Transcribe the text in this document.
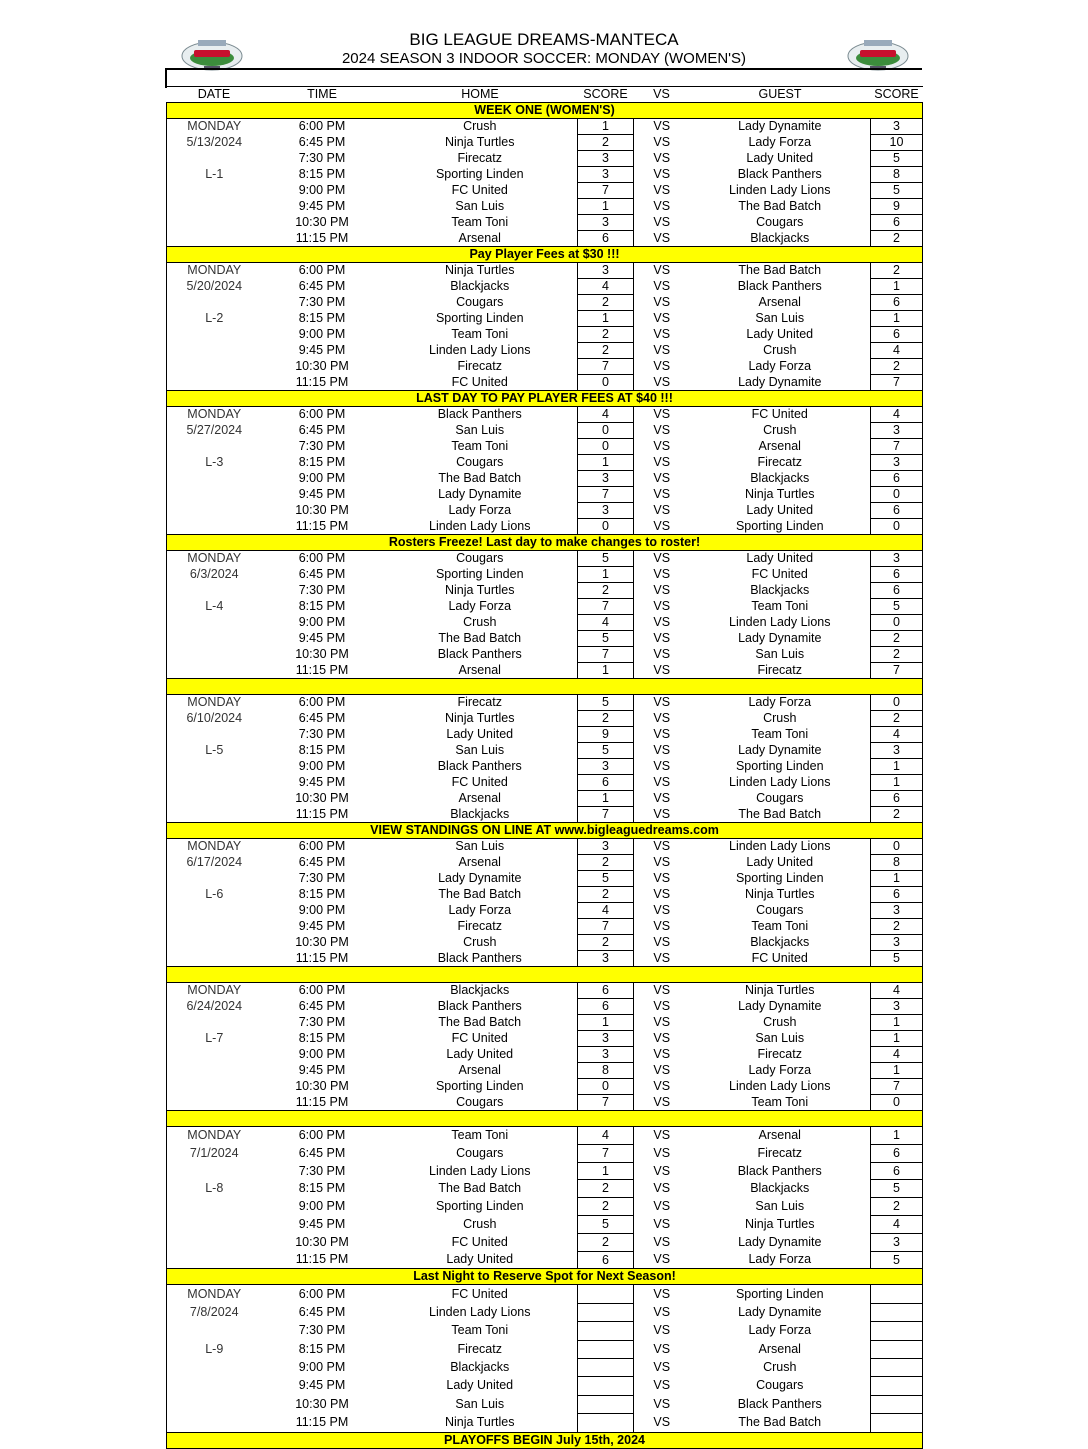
BIG LEAGUE DREAMS-MANTECA
2024 SEASON 3 INDOOR SOCCER: MONDAY (WOMEN'S)
DATE	TIME	HOME	SCORE	VS	GUEST	SCORE
WEEK ONE (WOMEN'S)						
MONDAY	6:00 PM	Crush	1	VS	Lady Dynamite	3
5/13/2024	6:45 PM	Ninja Turtles	2	VS	Lady Forza	10
	7:30 PM	Firecatz	3	VS	Lady United	5
L-1	8:15 PM	Sporting Linden	3	VS	Black Panthers	8
	9:00 PM	FC United	7	VS	Linden Lady Lions	5
	9:45 PM	San Luis	1	VS	The Bad Batch	9
	10:30 PM	Team Toni	3	VS	Cougars	6
	11:15 PM	Arsenal	6	VS	Blackjacks	2
Pay Player Fees at $30 !!!						
MONDAY	6:00 PM	Ninja Turtles	3	VS	The Bad Batch	2
5/20/2024	6:45 PM	Blackjacks	4	VS	Black Panthers	1
	7:30 PM	Cougars	2	VS	Arsenal	6
L-2	8:15 PM	Sporting Linden	1	VS	San Luis	1
	9:00 PM	Team Toni	2	VS	Lady United	6
	9:45 PM	Linden Lady Lions	2	VS	Crush	4
	10:30 PM	Firecatz	7	VS	Lady Forza	2
	11:15 PM	FC United	0	VS	Lady Dynamite	7
LAST DAY TO PAY PLAYER FEES AT $40 !!!						
MONDAY	6:00 PM	Black Panthers	4	VS	FC United	4
5/27/2024	6:45 PM	San Luis	0	VS	Crush	3
	7:30 PM	Team Toni	0	VS	Arsenal	7
L-3	8:15 PM	Cougars	1	VS	Firecatz	3
	9:00 PM	The Bad Batch	3	VS	Blackjacks	6
	9:45 PM	Lady Dynamite	7	VS	Ninja Turtles	0
	10:30 PM	Lady Forza	3	VS	Lady United	6
	11:15 PM	Linden Lady Lions	0	VS	Sporting Linden	0
Rosters Freeze! Last day to make changes to roster!						
MONDAY	6:00 PM	Cougars	5	VS	Lady United	3
6/3/2024	6:45 PM	Sporting Linden	1	VS	FC United	6
	7:30 PM	Ninja Turtles	2	VS	Blackjacks	6
L-4	8:15 PM	Lady Forza	7	VS	Team Toni	5
	9:00 PM	Crush	4	VS	Linden Lady Lions	0
	9:45 PM	The Bad Batch	5	VS	Lady Dynamite	2
	10:30 PM	Black Panthers	7	VS	San Luis	2
	11:15 PM	Arsenal	1	VS	Firecatz	7

MONDAY	6:00 PM	Firecatz	5	VS	Lady Forza	0
6/10/2024	6:45 PM	Ninja Turtles	2	VS	Crush	2
	7:30 PM	Lady United	9	VS	Team Toni	4
L-5	8:15 PM	San Luis	5	VS	Lady Dynamite	3
	9:00 PM	Black Panthers	3	VS	Sporting Linden	1
	9:45 PM	FC United	6	VS	Linden Lady Lions	1
	10:30 PM	Arsenal	1	VS	Cougars	6
	11:15 PM	Blackjacks	7	VS	The Bad Batch	2
VIEW STANDINGS ON LINE AT www.bigleaguedreams.com						
MONDAY	6:00 PM	San Luis	3	VS	Linden Lady Lions	0
6/17/2024	6:45 PM	Arsenal	2	VS	Lady United	8
	7:30 PM	Lady Dynamite	5	VS	Sporting Linden	1
L-6	8:15 PM	The Bad Batch	2	VS	Ninja Turtles	6
	9:00 PM	Lady Forza	4	VS	Cougars	3
	9:45 PM	Firecatz	7	VS	Team Toni	2
	10:30 PM	Crush	2	VS	Blackjacks	3
	11:15 PM	Black Panthers	3	VS	FC United	5

MONDAY	6:00 PM	Blackjacks	6	VS	Ninja Turtles	4
6/24/2024	6:45 PM	Black Panthers	6	VS	Lady Dynamite	3
	7:30 PM	The Bad Batch	1	VS	Crush	1
L-7	8:15 PM	FC United	3	VS	San Luis	1
	9:00 PM	Lady United	3	VS	Firecatz	4
	9:45 PM	Arsenal	8	VS	Lady Forza	1
	10:30 PM	Sporting Linden	0	VS	Linden Lady Lions	7
	11:15 PM	Cougars	7	VS	Team Toni	0

MONDAY	6:00 PM	Team Toni	4	VS	Arsenal	1
7/1/2024	6:45 PM	Cougars	7	VS	Firecatz	6
	7:30 PM	Linden Lady Lions	1	VS	Black Panthers	6
L-8	8:15 PM	The Bad Batch	2	VS	Blackjacks	5
	9:00 PM	Sporting Linden	2	VS	San Luis	2
	9:45 PM	Crush	5	VS	Ninja Turtles	4
	10:30 PM	FC United	2	VS	Lady Dynamite	3
	11:15 PM	Lady United	6	VS	Lady Forza	5
Last Night to Reserve Spot for Next Season!						
MONDAY	6:00 PM	FC United		VS	Sporting Linden	
7/8/2024	6:45 PM	Linden Lady Lions		VS	Lady Dynamite	
	7:30 PM	Team Toni		VS	Lady Forza	
L-9	8:15 PM	Firecatz		VS	Arsenal	
	9:00 PM	Blackjacks		VS	Crush	
	9:45 PM	Lady United		VS	Cougars	
	10:30 PM	San Luis		VS	Black Panthers	
	11:15 PM	Ninja Turtles		VS	The Bad Batch	
PLAYOFFS BEGIN July 15th, 2024						
